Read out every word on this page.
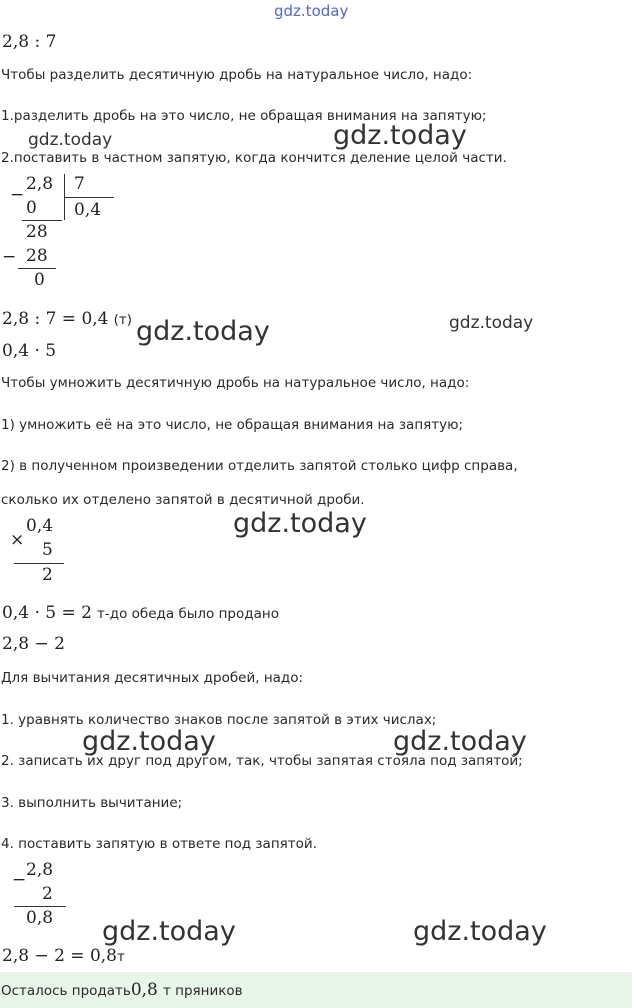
gdz.today
2,8 : 7
Чтобы разделить десятичную дробь на натуральное число, надо:
1.разделить дробь на это число, не обращая внимания на запятую;
gdz.today	gdz.today
2.поставить в частном запятую, когда кончится деление целой части.
−
2,8 7
0 0,4
28
− 28
0
2,8 : 7 = 0,4 (т) gdz.today	gdz.today
0,4 · 5
Чтобы умножить десятичную дробь на натуральное число, надо:
1) умножить её на это число, не обращая внимания на запятую;
2) в полученном произведении отделить запятой столько цифр справа,
сколько их отделено запятой в десятичной дроби.
gdz.today
×
0,4
5
2
0,4 · 5 = 2 т-до обеда было продано
2,8 − 2
Для вычитания десятичных дробей, надо:
1. уравнять количество знаков после запятой в этих числах;
gdz.today	gdz.today
2. записать их друг под другом, так, чтобы запятая стояла под запятой;
3. выполнить вычитание;
4. поставить запятую в ответе под запятой.
− 2,8
2
0,8 gdz.today	gdz.today
2,8 − 2 = 0,8т
Осталось продать0,8 т пряников
